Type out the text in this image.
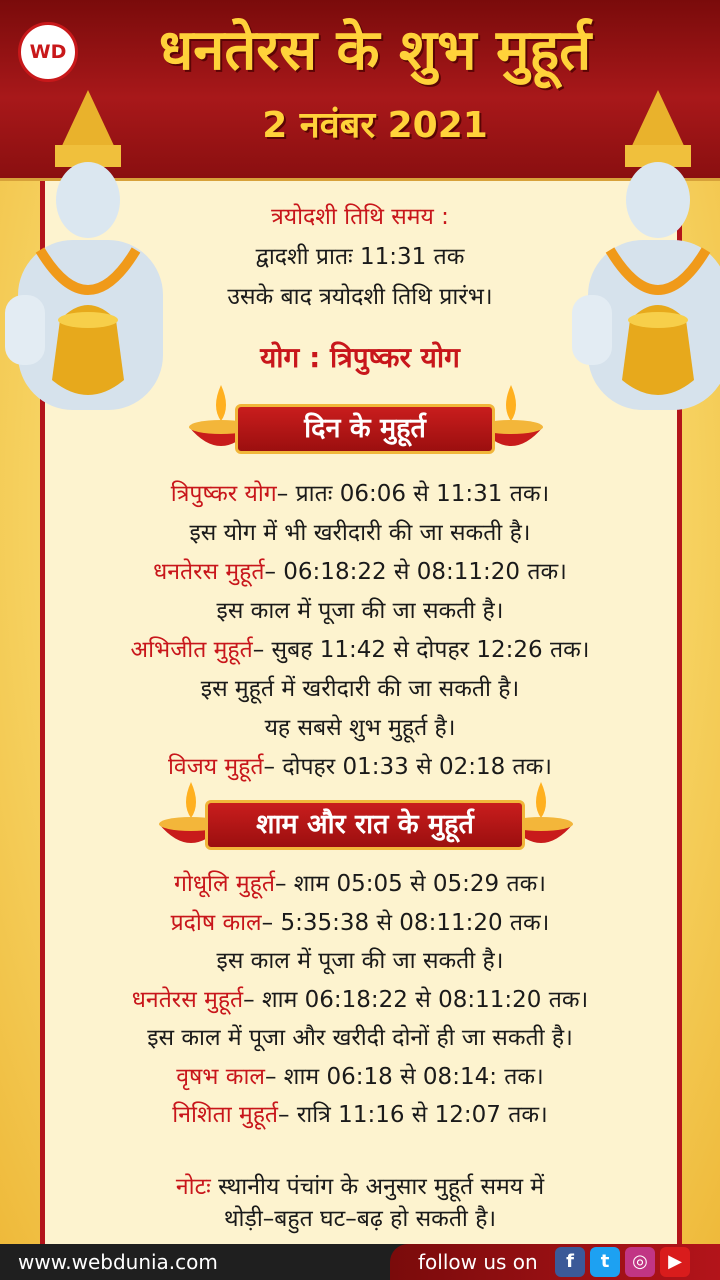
WD	धनतेरस के शुभ मुहूर्त
2 नवंबर 2021
त्रयोदशी तिथि समय :
द्वादशी प्रातः 11:31 तक
उसके बाद त्रयोदशी तिथि प्रारंभ।
योग : त्रिपुष्कर योग
दिन के मुहूर्त
त्रिपुष्कर योग– प्रातः 06:06 से 11:31 तक।
इस योग में भी खरीदारी की जा सकती है।
धनतेरस मुहूर्त– 06:18:22 से 08:11:20 तक।
इस काल में पूजा की जा सकती है।
अभिजीत मुहूर्त– सुबह 11:42 से दोपहर 12:26 तक।
इस मुहूर्त में खरीदारी की जा सकती है।
यह सबसे शुभ मुहूर्त है।
विजय मुहूर्त– दोपहर 01:33 से 02:18 तक।
शाम और रात के मुहूर्त
गोधूलि मुहूर्त– शाम 05:05 से 05:29 तक।
प्रदोष काल– 5:35:38 से 08:11:20 तक।
इस काल में पूजा की जा सकती है।
धनतेरस मुहूर्त– शाम 06:18:22 से 08:11:20 तक।
इस काल में पूजा और खरीदी दोनों ही जा सकती है।
वृषभ काल– शाम 06:18 से 08:14: तक।
निशिता मुहूर्त– रात्रि 11:16 से 12:07 तक।
नोटः स्थानीय पंचांग के अनुसार मुहूर्त समय में
थोड़ी–बहुत घट–बढ़ हो सकती है।
www.webdunia.com	follow us on	f	t	◎	▶
